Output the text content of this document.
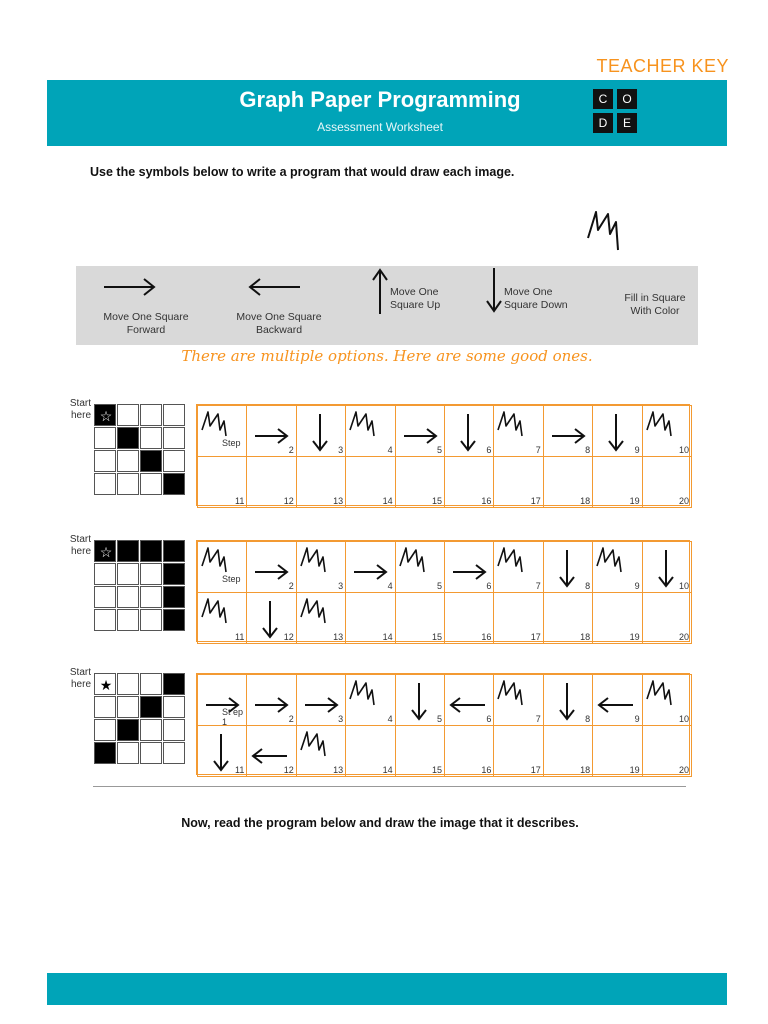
TEACHER KEY
Graph Paper Programming
Assessment Worksheet
C	O
D	E
Use the symbols below to write a program that would draw each image.
Move One Square Forward
Move One Square Backward
Move One Square Up
Move One Square Down
Fill in Square With Color
There are multiple options. Here are some good ones.
Start here ☆
Step
2	3	4	5	6	7	8	9	10
11	12	13	14	15	16	17	18	19	20
Start here ☆
Step
2	3	4	5	6	7	8	9	10
11	12	13	14	15	16	17	18	19	20
Start here ★
St ep 1	2	3	4	5	6	7	8	9	10
11	12	13	14	15	16	17	18	19	20
Now, read the program below and draw the image that it describes.
